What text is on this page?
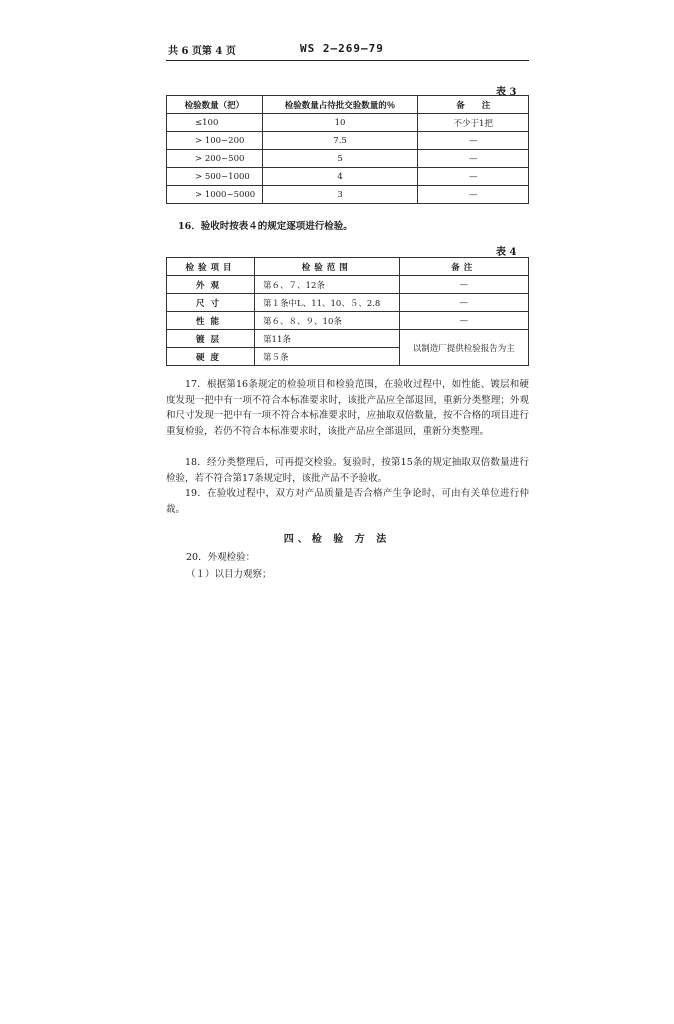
共 6 页第 4 页	WS 2—269—79
表 3
检验数量（把）	检验数量占待批交验数量的％	备　　注
≤100	10	不少于1把
> 100~200	7.5	—
> 200~500	5	—
> 500~1000	4	—
> 1000~5000	3	—
16．验收时按表４的规定逐项进行检验。
表 4
检验项目	检验范围	备注
外观	第６、７、12条	—
尺寸	第１条中L、11、10、５、2.8	—
性能	第６、８、９、10条	—
镀层	第11条	以制造厂提供检验报告为主
硬度	第５条	
17．根据第16条规定的检验项目和检验范围，在验收过程中，如性能、镀层和硬度发现一把中有一项不符合本标准要求时，该批产品应全部退回，重新分类整理；外观和尺寸发现一把中有一项不符合本标准要求时，应抽取双倍数量，按不合格的项目进行重复检验，若仍不符合本标准要求时，该批产品应全部退回，重新分类整理。
18．经分类整理后，可再提交检验。复验时，按第15条的规定抽取双倍数量进行检验，若不符合第17条规定时，该批产品不予验收。
19．在验收过程中，双方对产品质量是否合格产生争论时，可由有关单位进行仲裁。
四、检 验 方 法
20．外观检验：
（１）以目力观察；
